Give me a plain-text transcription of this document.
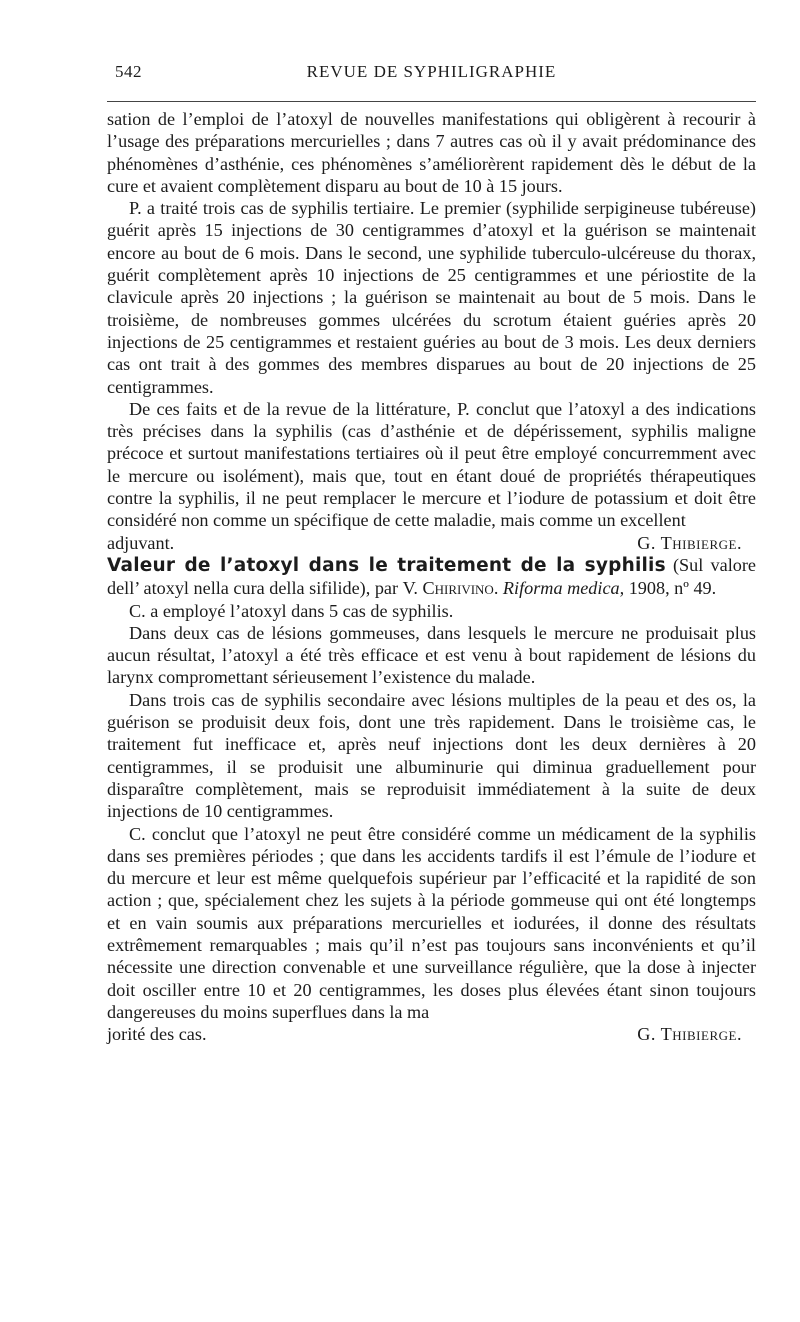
542	REVUE DE SYPHILIGRAPHIE

sation de l’emploi de l’atoxyl de nouvelles manifestations qui obligèrent à recourir à l’usage des préparations mercurielles ; dans 7 autres cas où il y avait prédominance des phénomènes d’asthénie, ces phénomènes s’améliorèrent rapidement dès le début de la cure et avaient complètement disparu au bout de 10 à 15 jours.

P. a traité trois cas de syphilis tertiaire. Le premier (syphilide serpigineuse tubéreuse) guérit après 15 injections de 30 centigrammes d’atoxyl et la guérison se maintenait encore au bout de 6 mois. Dans le second, une syphilide tuberculo-ulcéreuse du thorax, guérit complètement après 10 injections de 25 centigrammes et une périostite de la clavicule après 20 injections ; la guérison se maintenait au bout de 5 mois. Dans le troisième, de nombreuses gommes ulcérées du scrotum étaient guéries après 20 injections de 25 centigrammes et restaient guéries au bout de 3 mois. Les deux derniers cas ont trait à des gommes des membres disparues au bout de 20 injections de 25 centigrammes.

De ces faits et de la revue de la littérature, P. conclut que l’atoxyl a des indications très précises dans la syphilis (cas d’asthénie et de dépérissement, syphilis maligne précoce et surtout manifestations tertiaires où il peut être employé concurremment avec le mercure ou isolément), mais que, tout en étant doué de propriétés thérapeutiques contre la syphilis, il ne peut remplacer le mercure et l’iodure de potassium et doit être considéré non comme un spécifique de cette maladie, mais comme un excellent

adjuvant.	G. Thibierge.

Valeur de l’atoxyl dans le traitement de la syphilis (Sul valore dell’ atoxyl nella cura della sifilide), par V. Chirivino. Riforma medica, 1908, nº 49.

C. a employé l’atoxyl dans 5 cas de syphilis.

Dans deux cas de lésions gommeuses, dans lesquels le mercure ne produisait plus aucun résultat, l’atoxyl a été très efficace et est venu à bout rapidement de lésions du larynx compromettant sérieusement l’existence du malade.

Dans trois cas de syphilis secondaire avec lésions multiples de la peau et des os, la guérison se produisit deux fois, dont une très rapidement. Dans le troisième cas, le traitement fut inefficace et, après neuf injections dont les deux dernières à 20 centigrammes, il se produisit une albuminurie qui diminua graduellement pour disparaître complètement, mais se reproduisit immédiatement à la suite de deux injections de 10 centigrammes.

C. conclut que l’atoxyl ne peut être considéré comme un médicament de la syphilis dans ses premières périodes ; que dans les accidents tardifs il est l’émule de l’iodure et du mercure et leur est même quelquefois supérieur par l’efficacité et la rapidité de son action ; que, spécialement chez les sujets à la période gommeuse qui ont été longtemps et en vain soumis aux préparations mercurielles et iodurées, il donne des résultats extrêmement remarquables ; mais qu’il n’est pas toujours sans inconvénients et qu’il nécessite une direction convenable et une surveillance régulière, que la dose à injecter doit osciller entre 10 et 20 centigrammes, les doses plus élevées étant sinon toujours dangereuses du moins superflues dans la ma

jorité des cas.	G. Thibierge.
